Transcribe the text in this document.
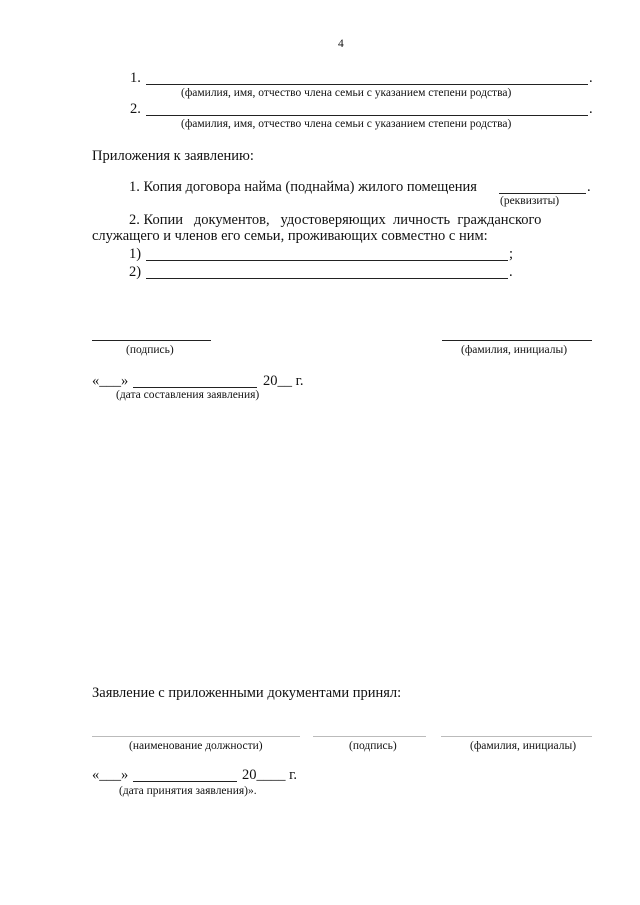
4
1.	.
(фамилия, имя, отчество члена семьи с указанием степени родства)
2.	.
(фамилия, имя, отчество члена семьи с указанием степени родства)
Приложения к заявлению:
1. Копия договора найма (поднайма) жилого помещения	.
(реквизиты)
2. Копии   документов,   удостоверяющих  личность  гражданского
служащего и членов его семьи, проживающих совместно с ним:
1)	;
2)	.
(подпись)	(фамилия, инициалы)
«___»	20__ г.
(дата составления заявления)
Заявление с приложенными документами принял:
(наименование должности)	(подпись)	(фамилия, инициалы)
«___»	20____ г.
(дата принятия заявления)».
